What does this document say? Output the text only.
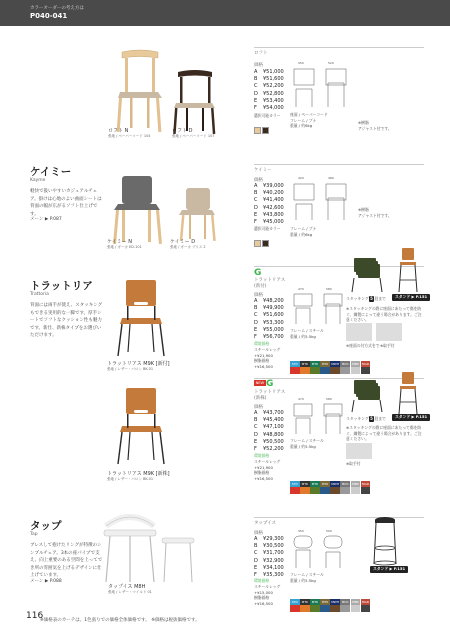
カラーオーダーの考え方は
P040-041
ロフト N
張地 / ペーパーコード 104
ロフト D
張地 / ペーパーコード 107
ロフト
価格
A ¥51,000
B ¥51,600
C ¥52,200
D ¥52,800
E ¥53,400
F ¥54,000
選択可能カラー
450	520
座面 / ペーパーコード
フレーム / ブナ
重量 / 約6kg
※樹脂
アジャスト付です。
ケイミー
Kayme
軽快で扱いやすいカジュアルチェア。掛けは心地のよい曲面シートは背面の幅が広がるソフト仕上げです。
メーン ▶ P.087
ケイミー N
張地 / ガーカ ED-101
ケイミー D
張地 / ガーカ ブリス 2
ケイミー
価格
A ¥39,000
B ¥40,200
C ¥41,400
D ¥42,600
E ¥43,800
F ¥45,000
選択可能カラー
420	480
フレーム / ブナ
重量 / 約6kg
※樹脂
アジャスト付です。
トラットリア
Trattoria
背面には両手が使え、スタッキングもできる実用的な一脚です。厚手シートでソフトなクッション性も魅力です。新仕、新株タイプをお選びいただけます。
トラットリアス M9K [新付]
張地 / レザー・バロン BK-01
G
トラットリアス
(新付)
価格
A ¥48,200
B ¥49,900
C ¥51,600
D ¥53,300
E ¥55,000
F ¥56,700
環境価格
スチールレッグ
+¥21,900
樹脂価格
+¥16,500
470	580
フレーム / スチール
重量 / 約5.5kg
スタッキング 5 段まで	スタンド ▶ P.151
※スタッキングの際に座面にあたって傷を防ぐ、鋼製によって違う場合があります。ご注意ください。
※座面の付方式をで ※取手付
STD MTK MTK MTK MWH MOC MBK MGR
トラットリアス M9K [新株]
張地 / レザー・バロン BK-01
NEW G
トラットリアス
(新株)
価格
A ¥43,700
B ¥45,400
C ¥47,100
D ¥48,800
E ¥50,500
F ¥52,200
環境価格
スチールレッグ
+¥21,900
樹脂価格
+¥16,500
470	580
フレーム / スチール
重量 / 約5.5kg
スタッキング 5 段まで	スタンド ▶ P.151
※スタッキングの際に座面にあたって傷を防ぐ、鋼製によって違う場合があります。ご注意ください。
※取手付
STD MTK MTK MTK MWH MOC MBK MGR
タップ
Tap
ブレスして抱けたリングが特徴のシンプルチェア。3本の座パイプで支え、向上重要のある空間を上ってでき所の雰囲気を上げるデザインに仕上げています。
メーン ▶ P.088
タップイス M8H
張地 / レザー・マイルド 01
タップイス
価格
A ¥29,300
B ¥30,500
C ¥31,700
D ¥32,900
E ¥34,100
F ¥35,300
環境価格
スチールレッグ
+¥15,000
樹脂価格
+¥16,500
450	500
フレーム / スチール
重量 / 約5.5kg
スタンド ▶ P.151
STD MTK MTK MTK MWH MOC MBK MGR
116
※価格表のカーテは、1色張りでの価格全体価格です。 ※価格は税抜価格です。
